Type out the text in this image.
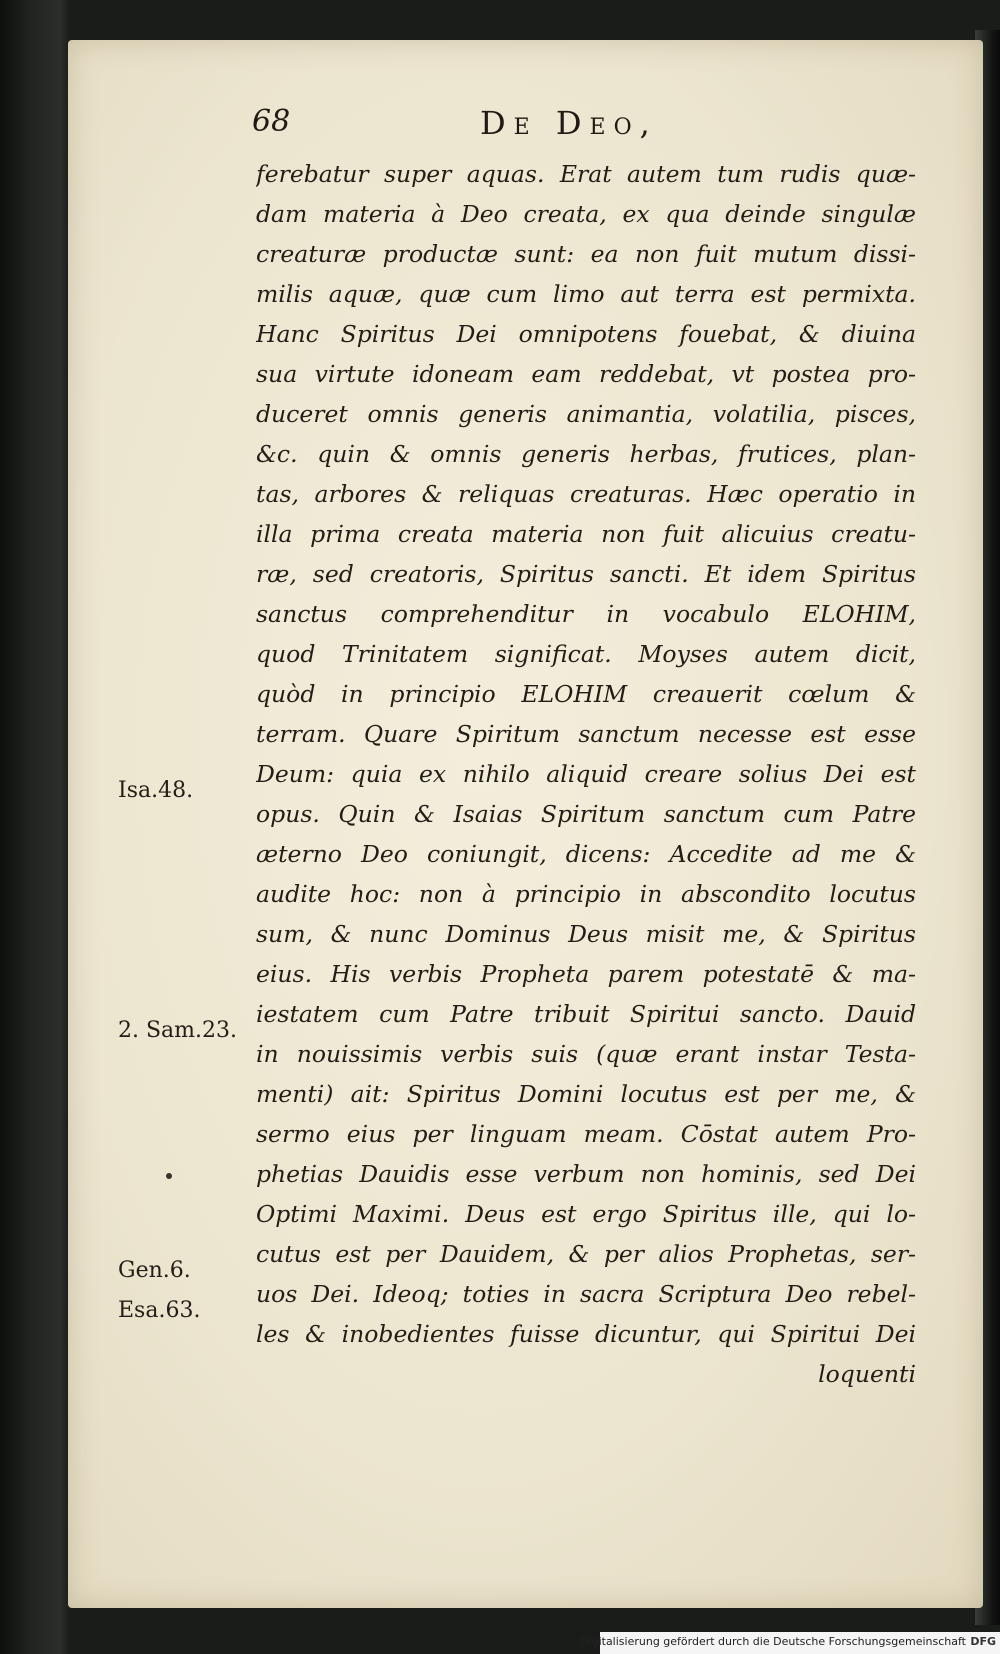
68	De Deo,
ferebatur super aquas. Erat autem tum rudis quæ-
dam materia à Deo creata, ex qua deinde singulæ
creaturæ productæ sunt: ea non fuit mutum dissi-
milis aquæ, quæ cum limo aut terra est permixta.
Hanc Spiritus Dei omnipotens fouebat, & diuina
sua virtute idoneam eam reddebat, vt postea pro-
duceret omnis generis animantia, volatilia, pisces,
&c. quin & omnis generis herbas, frutices, plan-
tas, arbores & reliquas creaturas. Hæc operatio in
illa prima creata materia non fuit alicuius creatu-
ræ, sed creatoris, Spiritus sancti. Et idem Spiritus
sanctus comprehenditur in vocabulo ELOHIM,
quod Trinitatem significat. Moyses autem dicit,
quòd in principio ELOHIM creauerit cœlum &
terram. Quare Spiritum sanctum necesse est esse
Deum: quia ex nihilo aliquid creare solius Dei est
opus. Quin & Isaias Spiritum sanctum cum Patre
æterno Deo coniungit, dicens: Accedite ad me &
audite hoc: non à principio in abscondito locutus
sum, & nunc Dominus Deus misit me, & Spiritus
eius. His verbis Propheta parem potestatē & ma-
iestatem cum Patre tribuit Spiritui sancto. Dauid
in nouissimis verbis suis (quæ erant instar Testa-
menti) ait: Spiritus Domini locutus est per me, &
sermo eius per linguam meam. Cōstat autem Pro-
phetias Dauidis esse verbum non hominis, sed Dei
Optimi Maximi. Deus est ergo Spiritus ille, qui lo-
cutus est per Dauidem, & per alios Prophetas, ser-
uos Dei. Ideoq; toties in sacra Scriptura Deo rebel-
les & inobedientes fuisse dicuntur, qui Spiritui Dei
loquenti
Isa.48.
2. Sam.23.
Gen.6.
Esa.63.
Digitalisierung gefördert durch die Deutsche Forschungsgemeinschaft DFG
